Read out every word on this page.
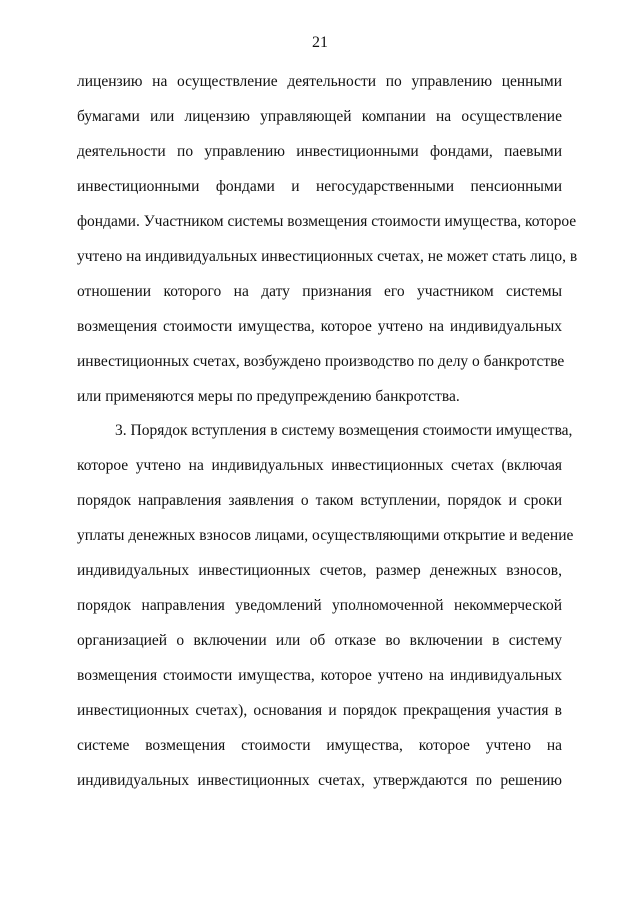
21
лицензию на осуществление деятельности по управлению ценными
бумагами или лицензию управляющей компании на осуществление
деятельности по управлению инвестиционными фондами, паевыми
инвестиционными фондами и негосударственными пенсионными
фондами. Участником системы возмещения стоимости имущества, которое
учтено на индивидуальных инвестиционных счетах, не может стать лицо, в
отношении которого на дату признания его участником системы
возмещения стоимости имущества, которое учтено на индивидуальных
инвестиционных счетах, возбуждено производство по делу о банкротстве
или применяются меры по предупреждению банкротства.
3. Порядок вступления в систему возмещения стоимости имущества,
которое учтено на индивидуальных инвестиционных счетах (включая
порядок направления заявления о таком вступлении, порядок и сроки
уплаты денежных взносов лицами, осуществляющими открытие и ведение
индивидуальных инвестиционных счетов, размер денежных взносов,
порядок направления уведомлений уполномоченной некоммерческой
организацией о включении или об отказе во включении в систему
возмещения стоимости имущества, которое учтено на индивидуальных
инвестиционных счетах), основания и порядок прекращения участия в
системе возмещения стоимости имущества, которое учтено на
индивидуальных инвестиционных счетах, утверждаются по решению
